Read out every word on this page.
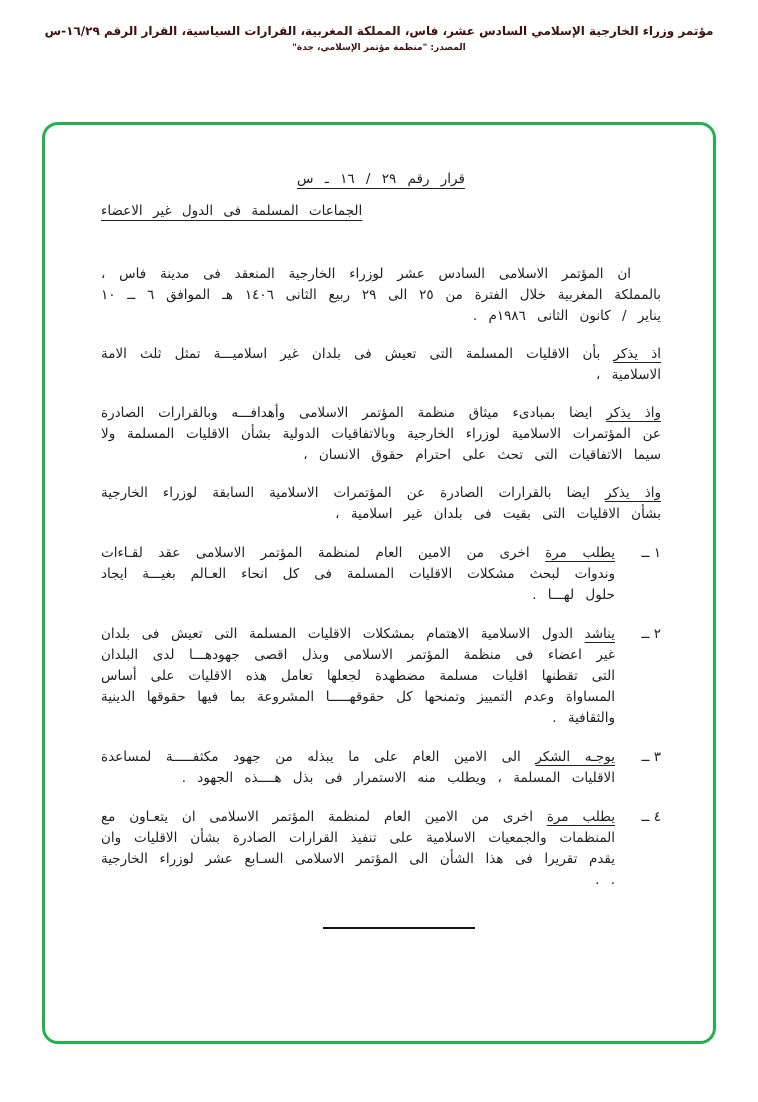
مؤتمر وزراء الخارجية الإسلامي السادس عشر، فاس، المملكة المغربية، القرارات السياسية، القرار الرقم ١٦/٢٩-س
المصدر: "منظمة مؤتمر الإسلامي، جدة"
قرار رقم ٢٩ / ١٦ ـ س
الجماعات المسلمة فى الدول غير الاعضاء

ان المؤتمر الاسلامى السادس عشر لوزراء الخارجية المنعقد فى مدينة فاس ، بالمملكة المغربية خلال الفترة من ٢٥ الى ٢٩ ربيع الثانى ١٤٠٦ هـ الموافق ٦ ــ ١٠ يناير / كانون الثانى ١٩٨٦م .

اذ يذكر بأن الاقليات المسلمة التى تعيش فى بلدان غير اسلاميـــة تمثل ثلث الامة الاسلامية ،

واذ يذكر ايضا بمبادىء ميثاق منظمة المؤتمر الاسلامى وأهدافـــه وبالقرارات الصادرة عن المؤتمرات الاسلامية لوزراء الخارجية وبالاتفاقيات الدولية بشأن الاقليات المسلمة ولا سيما الاتفاقيات التى تحث على احترام حقوق الانسان ،

واذ يذكر ايضا بالقرارات الصادرة عن المؤتمرات الاسلامية السابقة لوزراء الخارجية بشأن الاقليات التى بقيت فى بلدان غير اسلامية ،

١ ــ
يطلب مرة اخرى من الامين العام لمنظمة المؤتمر الاسلامى عقد لقـاءات وندوات لبحث مشكلات الاقليات المسلمة فى كل انحاء العـالم بغيـــة ايجاد حلول لهـــا .
٢ ــ
يناشد الدول الاسلامية الاهتمام بمشكلات الاقليات المسلمة التى تعيش فى بلدان غير اعضاء فى منظمة المؤتمر الاسلامى وبذل اقصى جهودهـــا لدى البلدان التى تقطنها اقليات مسلمة مضطهدة لجعلها تعامل هذه الاقليات على أساس المساواة وعدم التمييز وتمنحها كل حقوقهـــــا المشروعة بما فيها حقوقها الدينية والثقافية .
٣ ــ
يوجـه الشكر الى الامين العام على ما يبذله من جهود مكثفـــــة لمساعدة الاقليات المسلمة ، ويطلب منه الاستمرار فى بذل هــــذه الجهود .
٤ ــ
يطلب مرة اخرى من الامين العام لمنظمة المؤتمر الاسلامى ان يتعـاون مع المنظمات والجمعيات الاسلامية على تنفيذ القرارات الصادرة بشأن الاقليات وان يقدم تقريرا فى هذا الشأن الى المؤتمر الاسلامى السـابع عشر لوزراء الخارجية . .
